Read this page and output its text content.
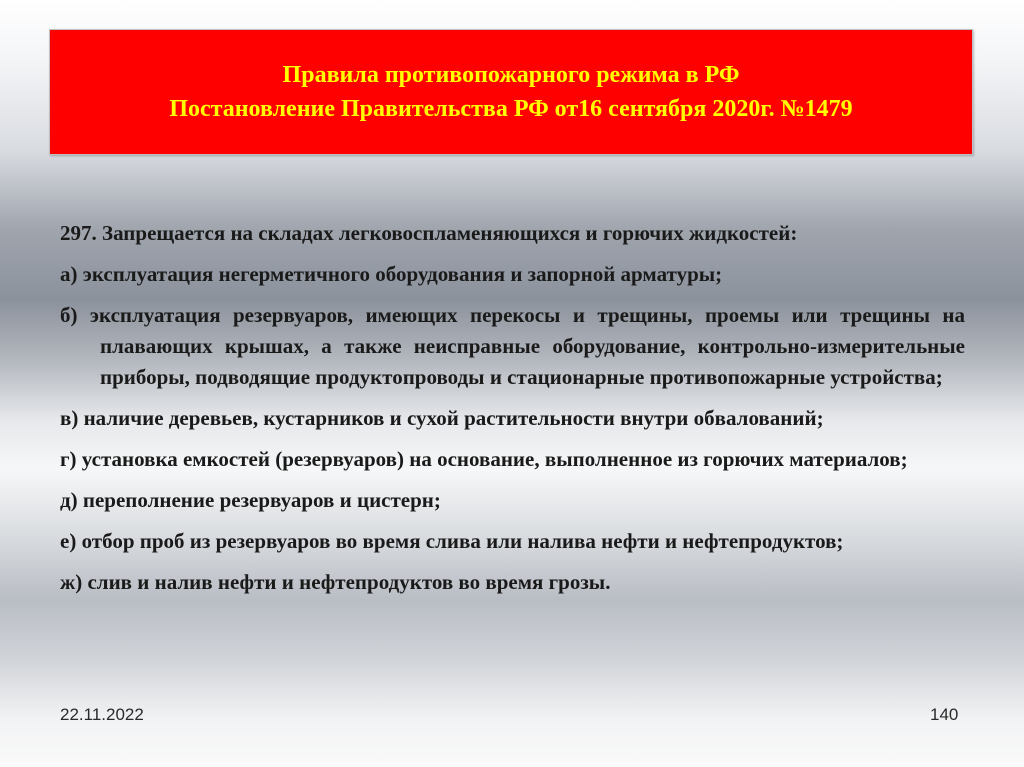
Правила противопожарного режима в РФ
Постановление Правительства РФ от16 сентября 2020г. №1479

297. Запрещается на складах легковоспламеняющихся и горючих жидкостей:

а) эксплуатация негерметичного оборудования и запорной арматуры;

б) эксплуатация резервуаров, имеющих перекосы и трещины, проемы или трещины на плавающих крышах, а также неисправные оборудование, контрольно-измерительные приборы, подводящие продуктопроводы и стационарные противопожарные устройства;

в) наличие деревьев, кустарников и сухой растительности внутри обвалований;

г) установка емкостей (резервуаров) на основание, выполненное из горючих материалов;

д) переполнение резервуаров и цистерн;

е) отбор проб из резервуаров во время слива или налива нефти и нефтепродуктов;

ж) слив и налив нефти и нефтепродуктов во время грозы.

22.11.2022	140
